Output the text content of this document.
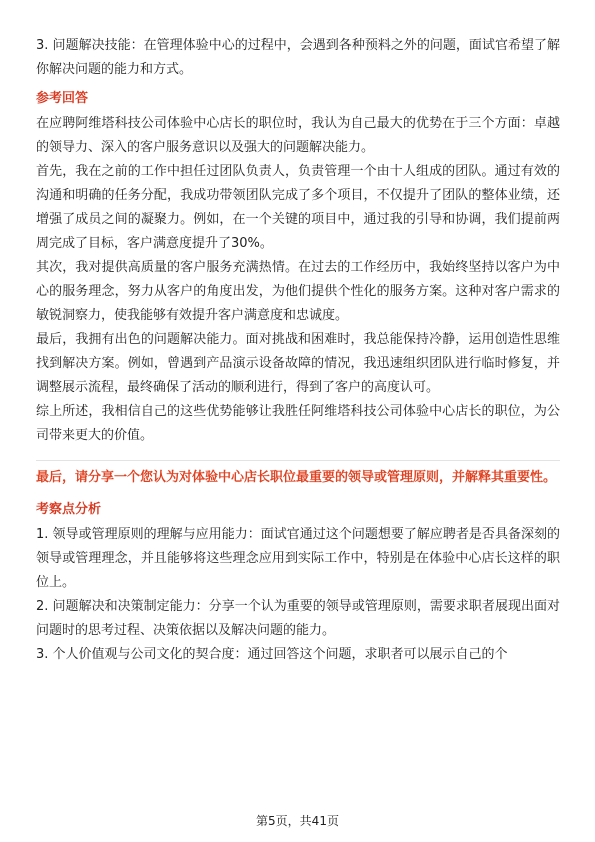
3. 问题解决技能：在管理体验中心的过程中，会遇到各种预料之外的问题，面试官希望了解你解决问题的能力和方式。

参考回答

在应聘阿维塔科技公司体验中心店长的职位时，我认为自己最大的优势在于三个方面：卓越的领导力、深入的客户服务意识以及强大的问题解决能力。

首先，我在之前的工作中担任过团队负责人，负责管理一个由十人组成的团队。通过有效的沟通和明确的任务分配，我成功带领团队完成了多个项目，不仅提升了团队的整体业绩，还增强了成员之间的凝聚力。例如，在一个关键的项目中，通过我的引导和协调，我们提前两周完成了目标，客户满意度提升了30%。

其次，我对提供高质量的客户服务充满热情。在过去的工作经历中，我始终坚持以客户为中心的服务理念，努力从客户的角度出发，为他们提供个性化的服务方案。这种对客户需求的敏锐洞察力，使我能够有效提升客户满意度和忠诚度。

最后，我拥有出色的问题解决能力。面对挑战和困难时，我总能保持冷静，运用创造性思维找到解决方案。例如，曾遇到产品演示设备故障的情况，我迅速组织团队进行临时修复，并调整展示流程，最终确保了活动的顺利进行，得到了客户的高度认可。

综上所述，我相信自己的这些优势能够让我胜任阿维塔科技公司体验中心店长的职位，为公司带来更大的价值。

最后，请分享一个您认为对体验中心店长职位最重要的领导或管理原则，并解释其重要性。

考察点分析

1. 领导或管理原则的理解与应用能力：面试官通过这个问题想要了解应聘者是否具备深刻的领导或管理理念，并且能够将这些理念应用到实际工作中，特别是在体验中心店长这样的职位上。

2. 问题解决和决策制定能力：分享一个认为重要的领导或管理原则，需要求职者展现出面对问题时的思考过程、决策依据以及解决问题的能力。

3. 个人价值观与公司文化的契合度：通过回答这个问题，求职者可以展示自己的个

第5页，共41页
